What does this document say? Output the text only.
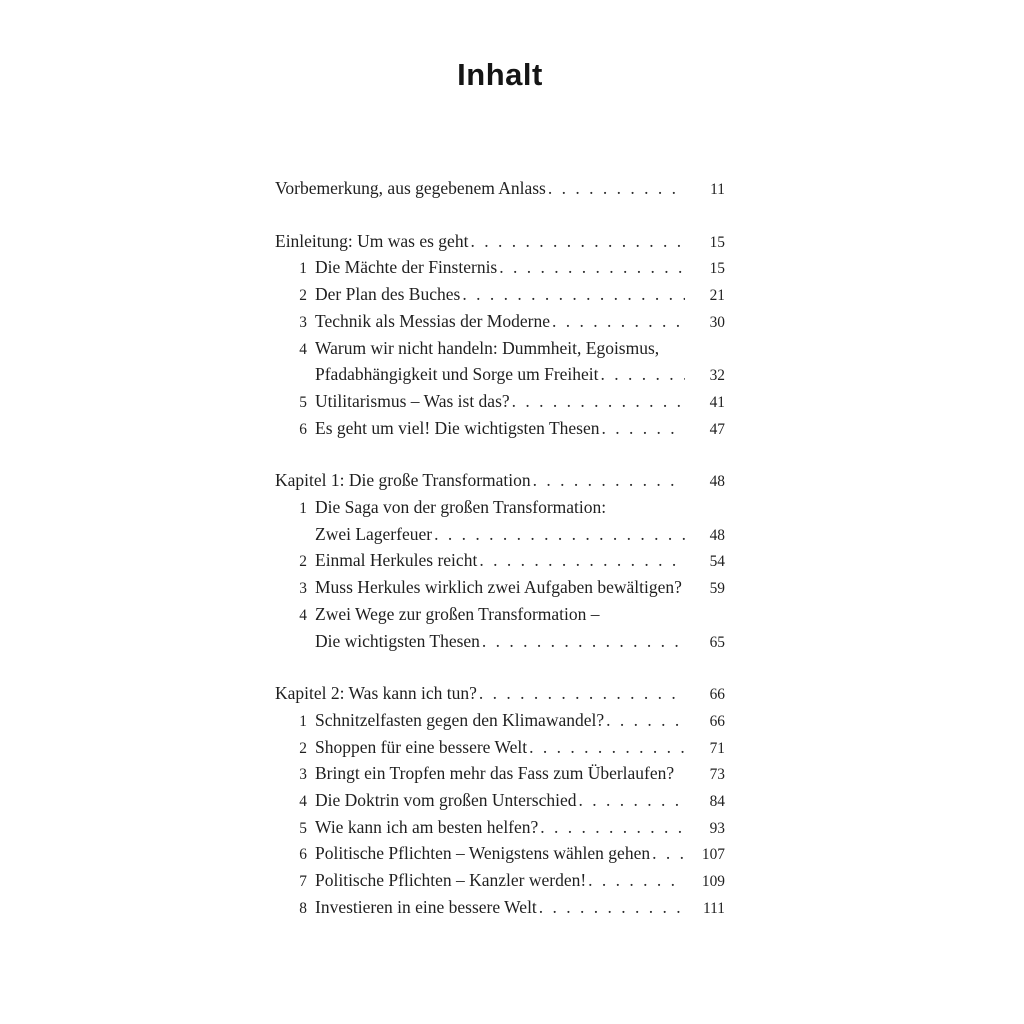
Inhalt
Vorbemerkung, aus gegebenem Anlass . . .	11
Einleitung: Um was es geht . . .	15
1 Die Mächte der Finsternis . . .	15
2 Der Plan des Buches . . .	21
3 Technik als Messias der Moderne . . .	30
4 Warum wir nicht handeln: Dummheit, Egoismus,
Pfadabhängigkeit und Sorge um Freiheit . . .	32
5 Utilitarismus – Was ist das? . . .	41
6 Es geht um viel! Die wichtigsten Thesen . . .	47
Kapitel 1: Die große Transformation . . .	48
1 Die Saga von der großen Transformation:
Zwei Lagerfeuer . . .	48
2 Einmal Herkules reicht . . .	54
3 Muss Herkules wirklich zwei Aufgaben bewältigen?	59
4 Zwei Wege zur großen Transformation –
Die wichtigsten Thesen . . .	65
Kapitel 2: Was kann ich tun? . . .	66
1 Schnitzelfasten gegen den Klimawandel? . . .	66
2 Shoppen für eine bessere Welt . . .	71
3 Bringt ein Tropfen mehr das Fass zum Überlaufen?	73
4 Die Doktrin vom großen Unterschied . . .	84
5 Wie kann ich am besten helfen? . . .	93
6 Politische Pflichten – Wenigstens wählen gehen . . .	107
7 Politische Pflichten – Kanzler werden! . . .	109
8 Investieren in eine bessere Welt . . .	111
